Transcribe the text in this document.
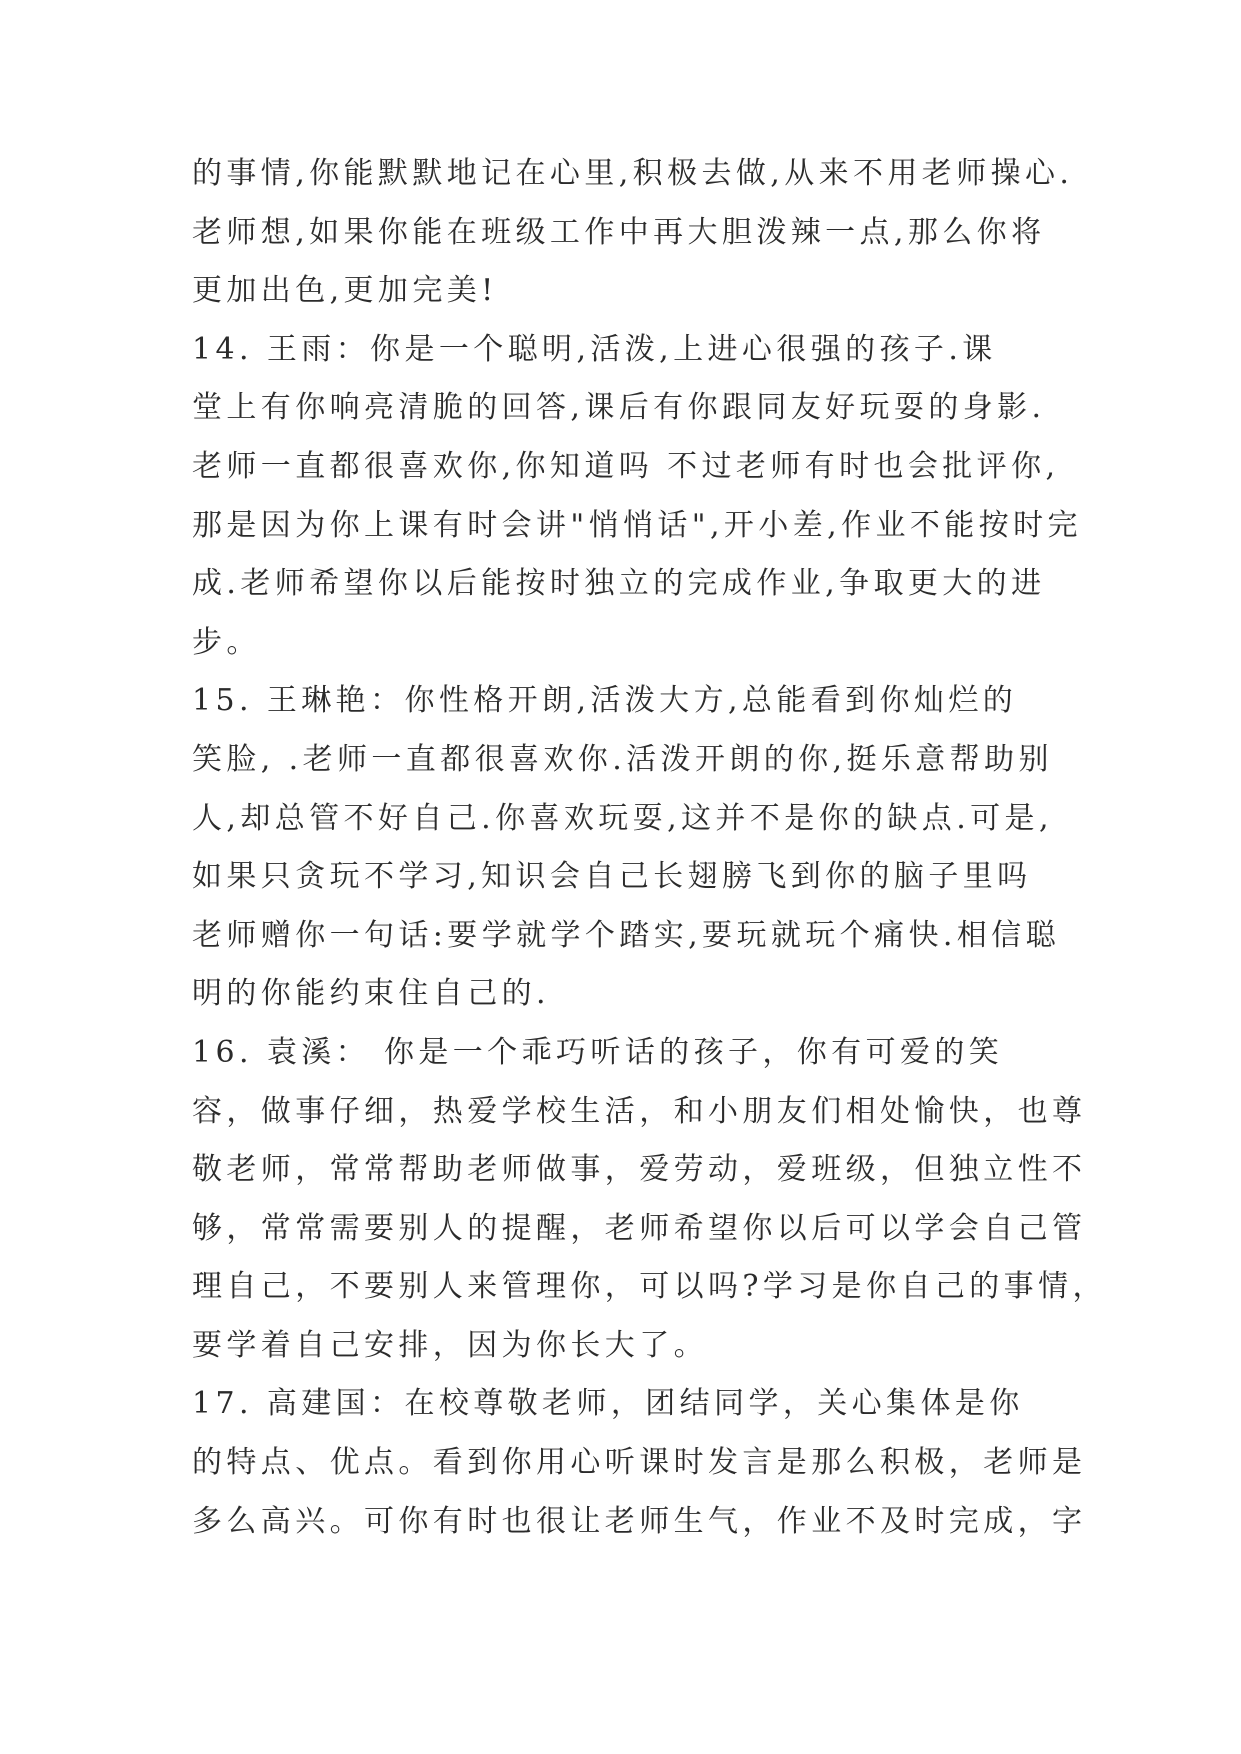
的事情,你能默默地记在心里,积极去做,从来不用老师操心.

老师想,如果你能在班级工作中再大胆泼辣一点,那么你将

更加出色,更加完美!

14. 王雨：你是一个聪明,活泼,上进心很强的孩子.课

堂上有你响亮清脆的回答,课后有你跟同友好玩耍的身影.

老师一直都很喜欢你,你知道吗 不过老师有时也会批评你,

那是因为你上课有时会讲"悄悄话",开小差,作业不能按时完

成.老师希望你以后能按时独立的完成作业,争取更大的进

步。

15. 王琳艳：你性格开朗,活泼大方,总能看到你灿烂的

笑脸, .老师一直都很喜欢你.活泼开朗的你,挺乐意帮助别

人,却总管不好自己.你喜欢玩耍,这并不是你的缺点.可是,

如果只贪玩不学习,知识会自己长翅膀飞到你的脑子里吗

老师赠你一句话:要学就学个踏实,要玩就玩个痛快.相信聪

明的你能约束住自己的.

16. 袁溪： 你是一个乖巧听话的孩子，你有可爱的笑

容，做事仔细，热爱学校生活，和小朋友们相处愉快，也尊

敬老师，常常帮助老师做事，爱劳动，爱班级，但独立性不

够，常常需要别人的提醒，老师希望你以后可以学会自己管

理自己，不要别人来管理你，可以吗?学习是你自己的事情，

要学着自己安排，因为你长大了。

17. 高建国：在校尊敬老师，团结同学，关心集体是你

的特点、优点。看到你用心听课时发言是那么积极，老师是

多么高兴。可你有时也很让老师生气，作业不及时完成，字
